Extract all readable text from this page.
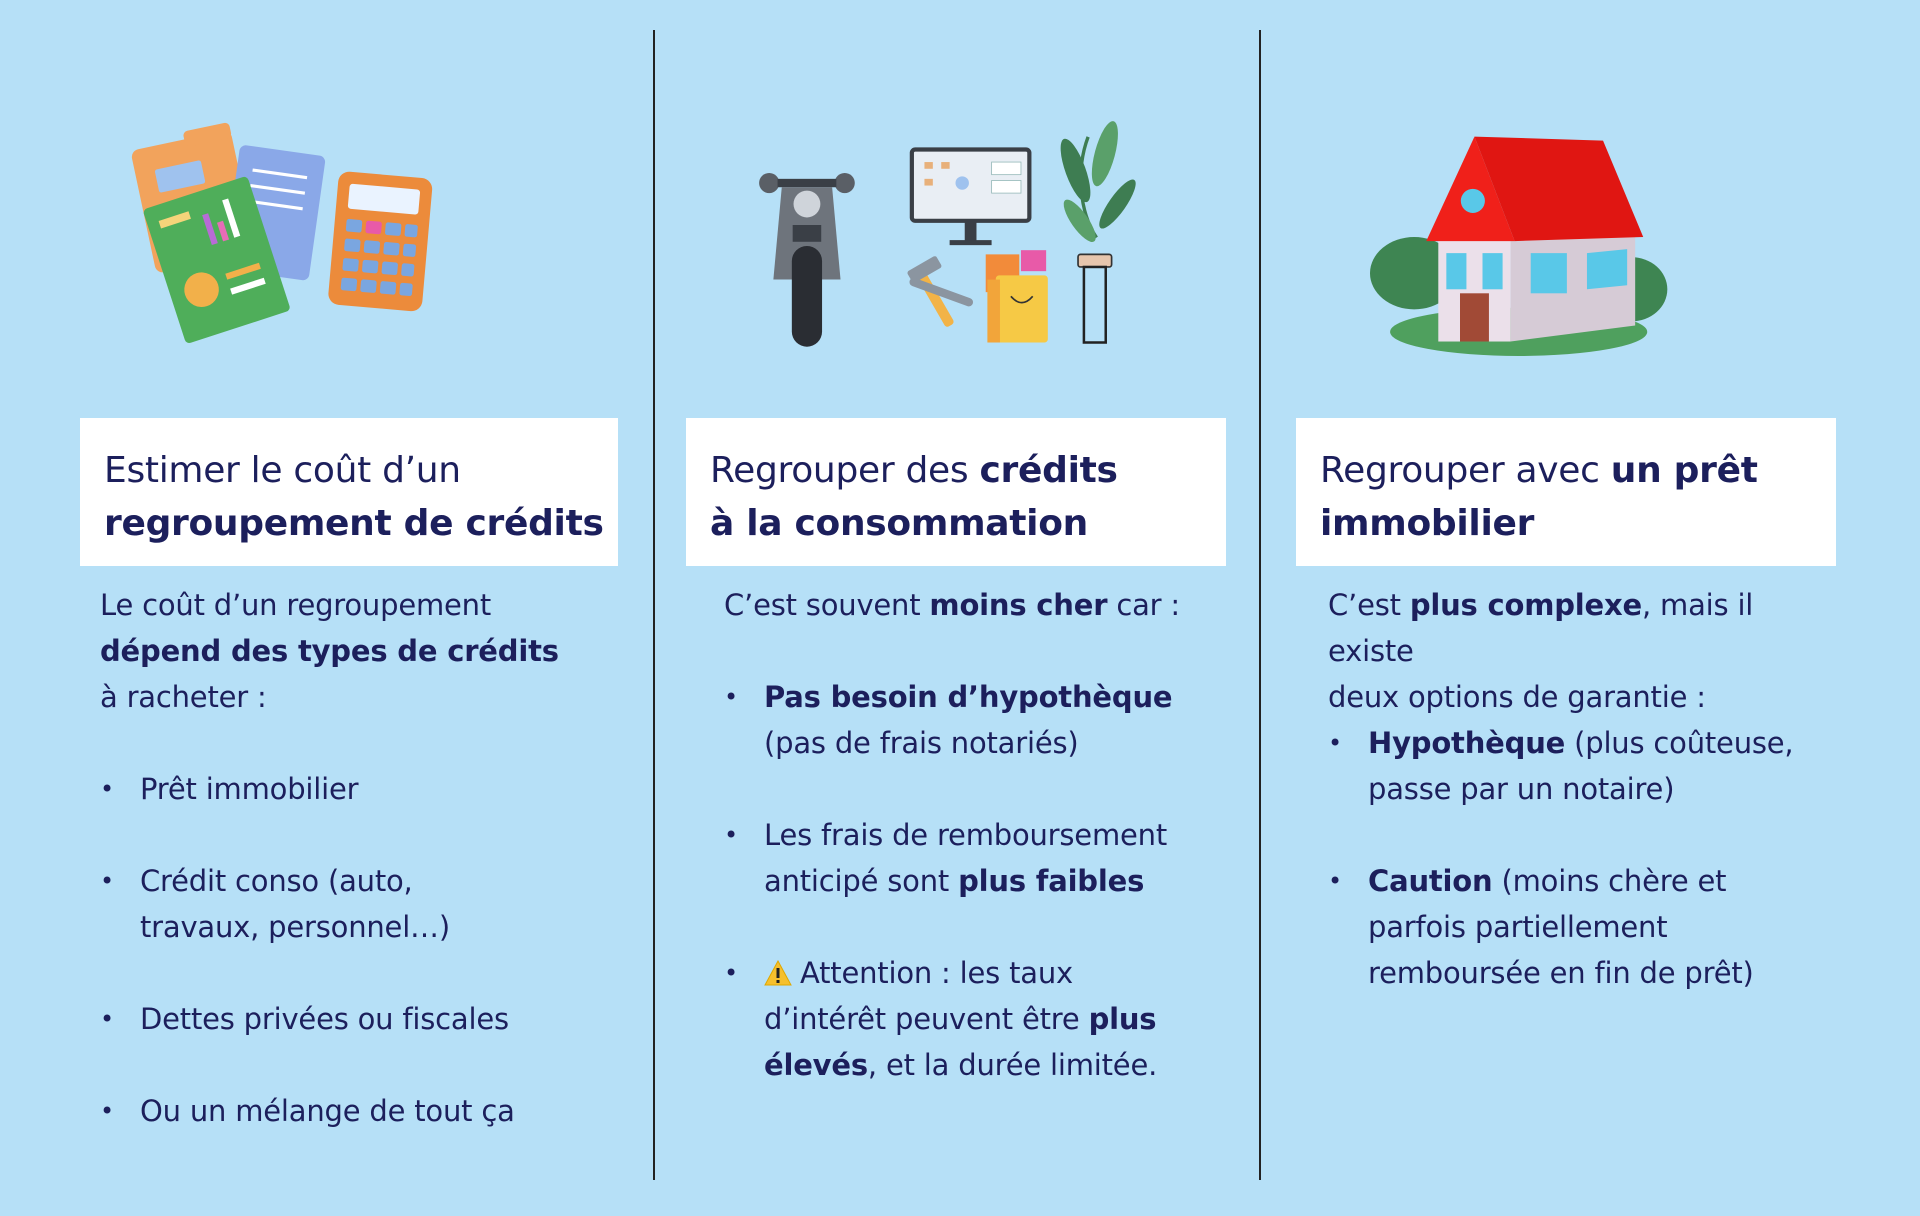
Estimer le coût d’un
regroupement de crédits
Le coût d’un regroupement
dépend des types de crédits
à racheter :
• Prêt immobilier
• Crédit conso (auto,
travaux, personnel…)
• Dettes privées ou fiscales
• Ou un mélange de tout ça
Regrouper des crédits
à la consommation
C’est souvent moins cher car :
• Pas besoin d’hypothèque
(pas de frais notariés)
• Les frais de remboursement
anticipé sont plus faibles
• Attention : les taux
d’intérêt peuvent être plus
élevés, et la durée limitée.
Regrouper avec un prêt
immobilier
C’est plus complexe, mais il existe
deux options de garantie :
• Hypothèque (plus coûteuse,
passe par un notaire)
• Caution (moins chère et
parfois partiellement
remboursée en fin de prêt)
